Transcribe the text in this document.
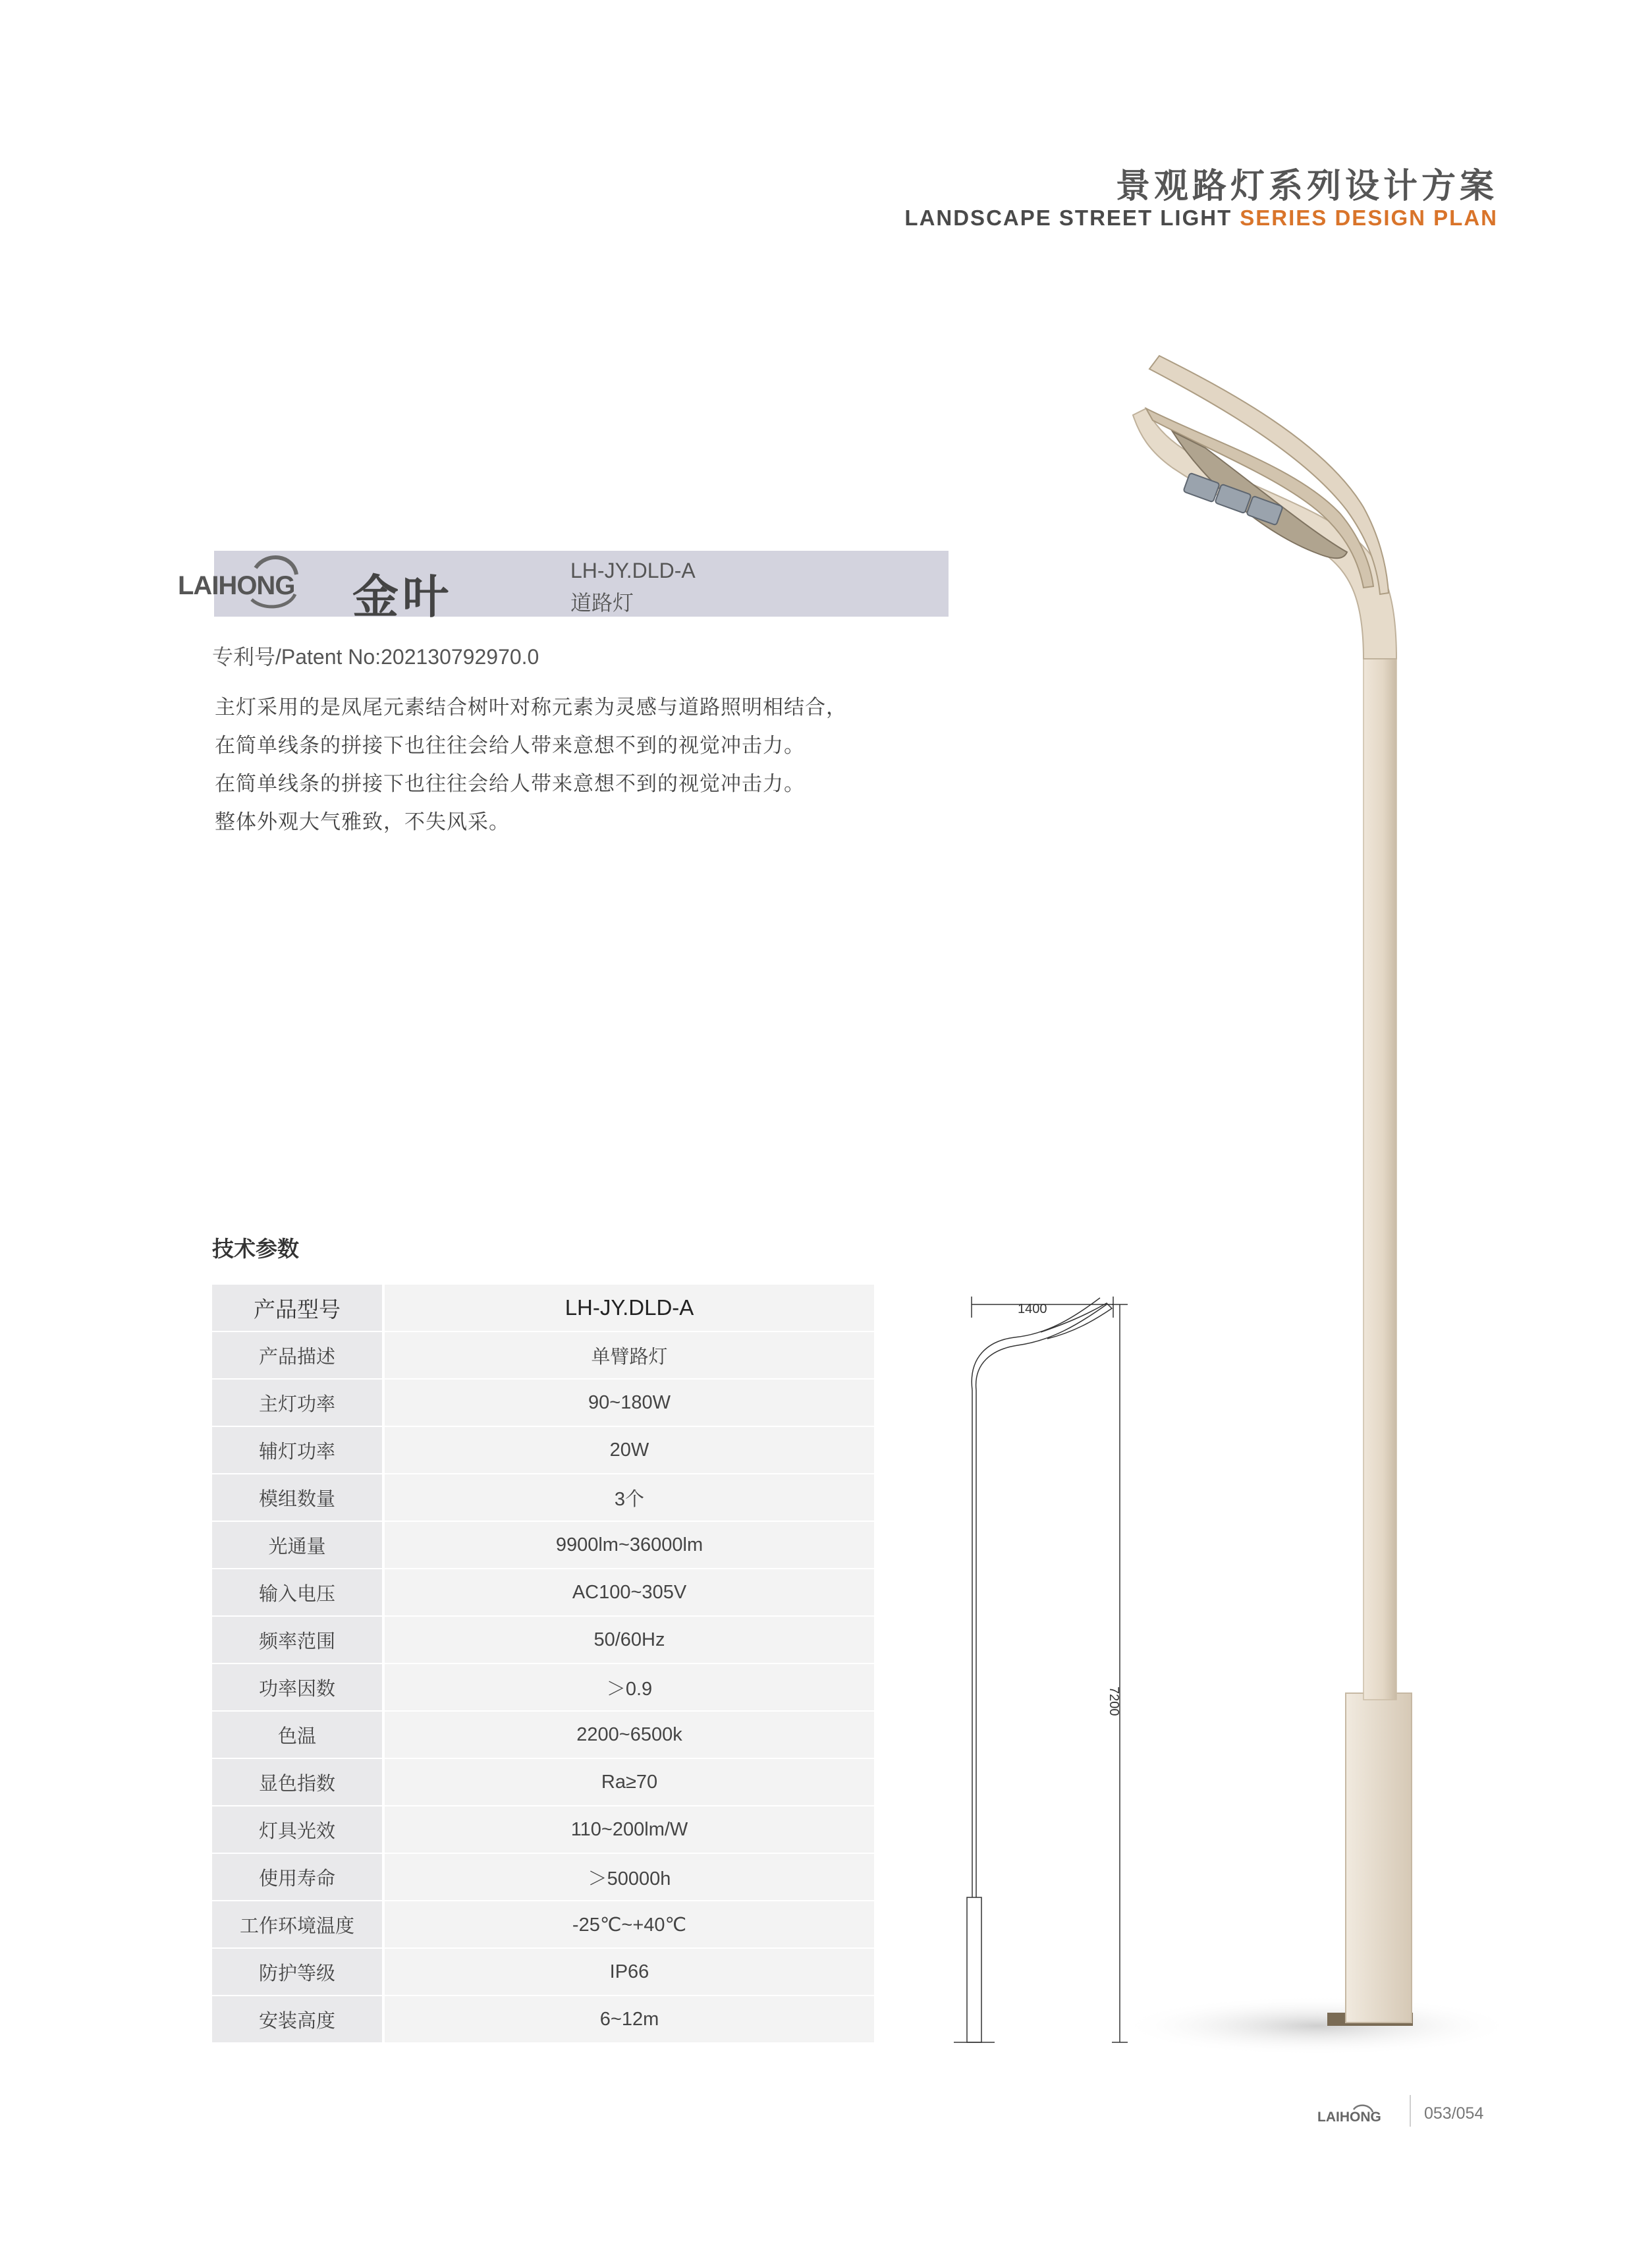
景观路灯系列设计方案
LANDSCAPE STREET LIGHT SERIES DESIGN PLAN
LAIHONG 金叶
LH-JY.DLD-A
道路灯
专利号/Patent No:202130792970.0
主灯采用的是凤尾元素结合树叶对称元素为灵感与道路照明相结合，
在简单线条的拼接下也往往会给人带来意想不到的视觉冲击力。
在简单线条的拼接下也往往会给人带来意想不到的视觉冲击力。
整体外观大气雅致，不失风采。
技术参数
产品型号	LH-JY.DLD-A
产品描述	单臂路灯
主灯功率	90~180W
辅灯功率	20W
模组数量	3个
光通量	9900lm~36000lm
输入电压	AC100~305V
频率范围	50/60Hz
功率因数	＞0.9
色温	2200~6500k
显色指数	Ra≥70
灯具光效	110~200lm/W
使用寿命	＞50000h
工作环境温度	-25℃~+40℃
防护等级	IP66
安装高度	6~12m
1400
7200
LAIHONG	053/054
